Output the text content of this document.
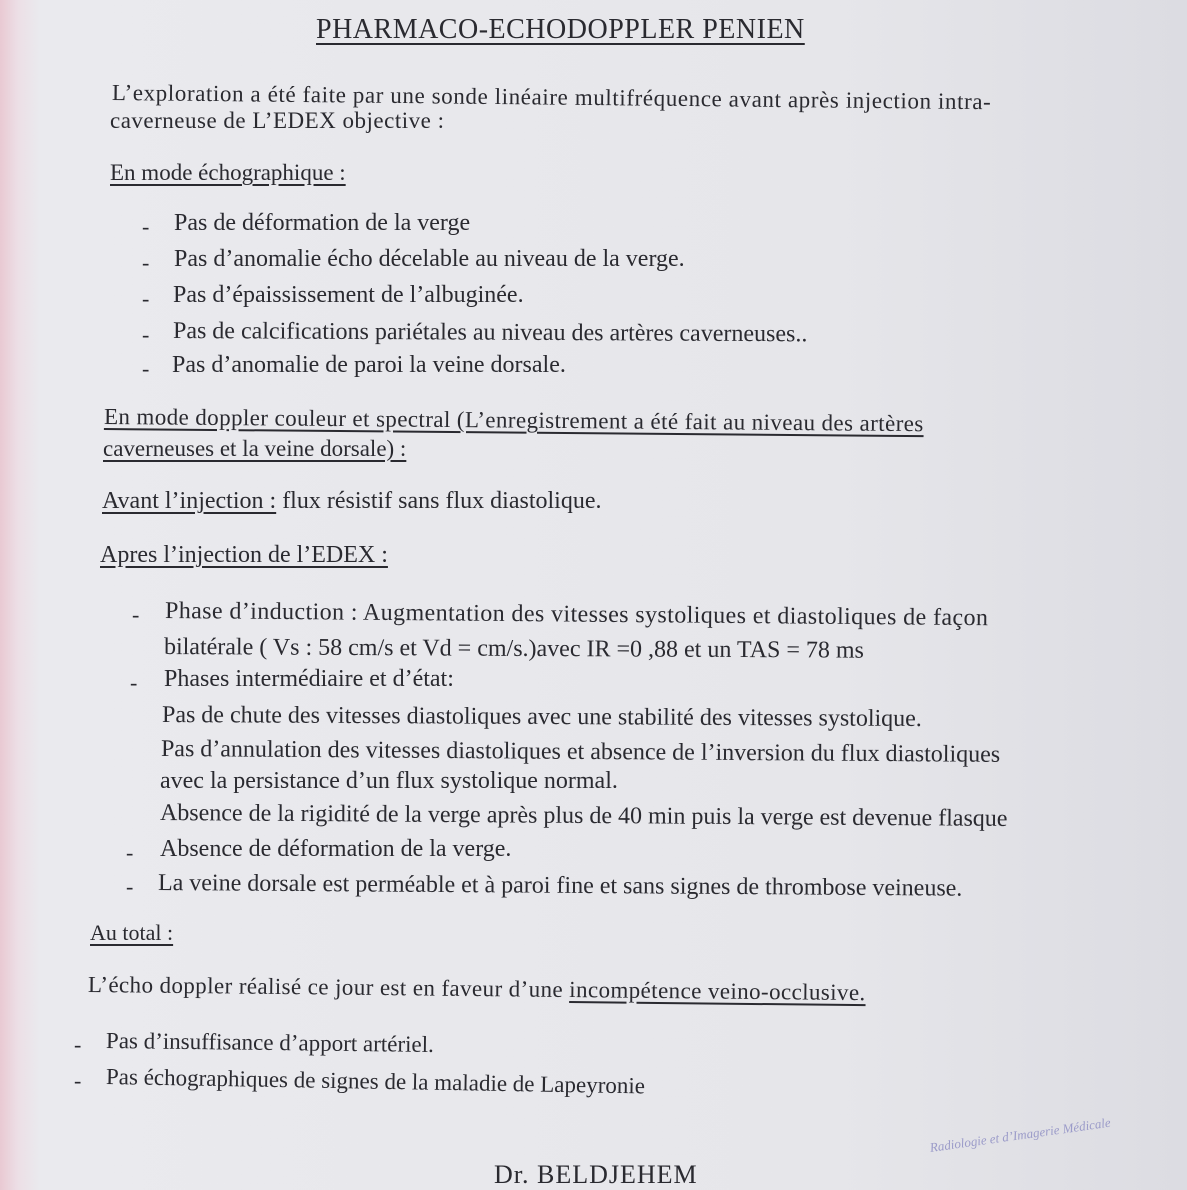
PHARMACO-ECHODOPPLER PENIEN
L’exploration a été faite par une sonde linéaire multifréquence avant après injection intra-
caverneuse de L’EDEX objective :
En mode échographique :
- Pas de déformation de la verge
- Pas d’anomalie écho décelable au niveau de la verge.
- Pas d’épaississement de l’albuginée.
- Pas de calcifications pariétales au niveau des artères caverneuses..
- Pas d’anomalie de paroi la veine dorsale.
En mode doppler couleur et spectral (L’enregistrement a été fait au niveau des artères
caverneuses et la veine dorsale) :
Avant l’injection : flux résistif sans flux diastolique.
Apres l’injection de l’EDEX :
- Phase d’induction : Augmentation des vitesses systoliques et diastoliques de façon
bilatérale ( Vs : 58 cm/s et Vd = cm/s.)avec IR =0 ,88 et un TAS = 78 ms
- Phases intermédiaire et d’état:
Pas de chute des vitesses diastoliques avec une stabilité des vitesses systolique.
Pas d’annulation des vitesses diastoliques et absence de l’inversion du flux diastoliques
avec la persistance d’un flux systolique normal.
Absence de la rigidité de la verge après plus de 40 min puis la verge est devenue flasque
- Absence de déformation de la verge.
- La veine dorsale est perméable et à paroi fine et sans signes de thrombose veineuse.
Au total :
L’écho doppler réalisé ce jour est en faveur d’une incompétence veino-occlusive.
- Pas d’insuffisance d’apport artériel.
- Pas échographiques de signes de la maladie de Lapeyronie
Dr. BELDJEHEM
Radiologie et d’Imagerie Médicale
